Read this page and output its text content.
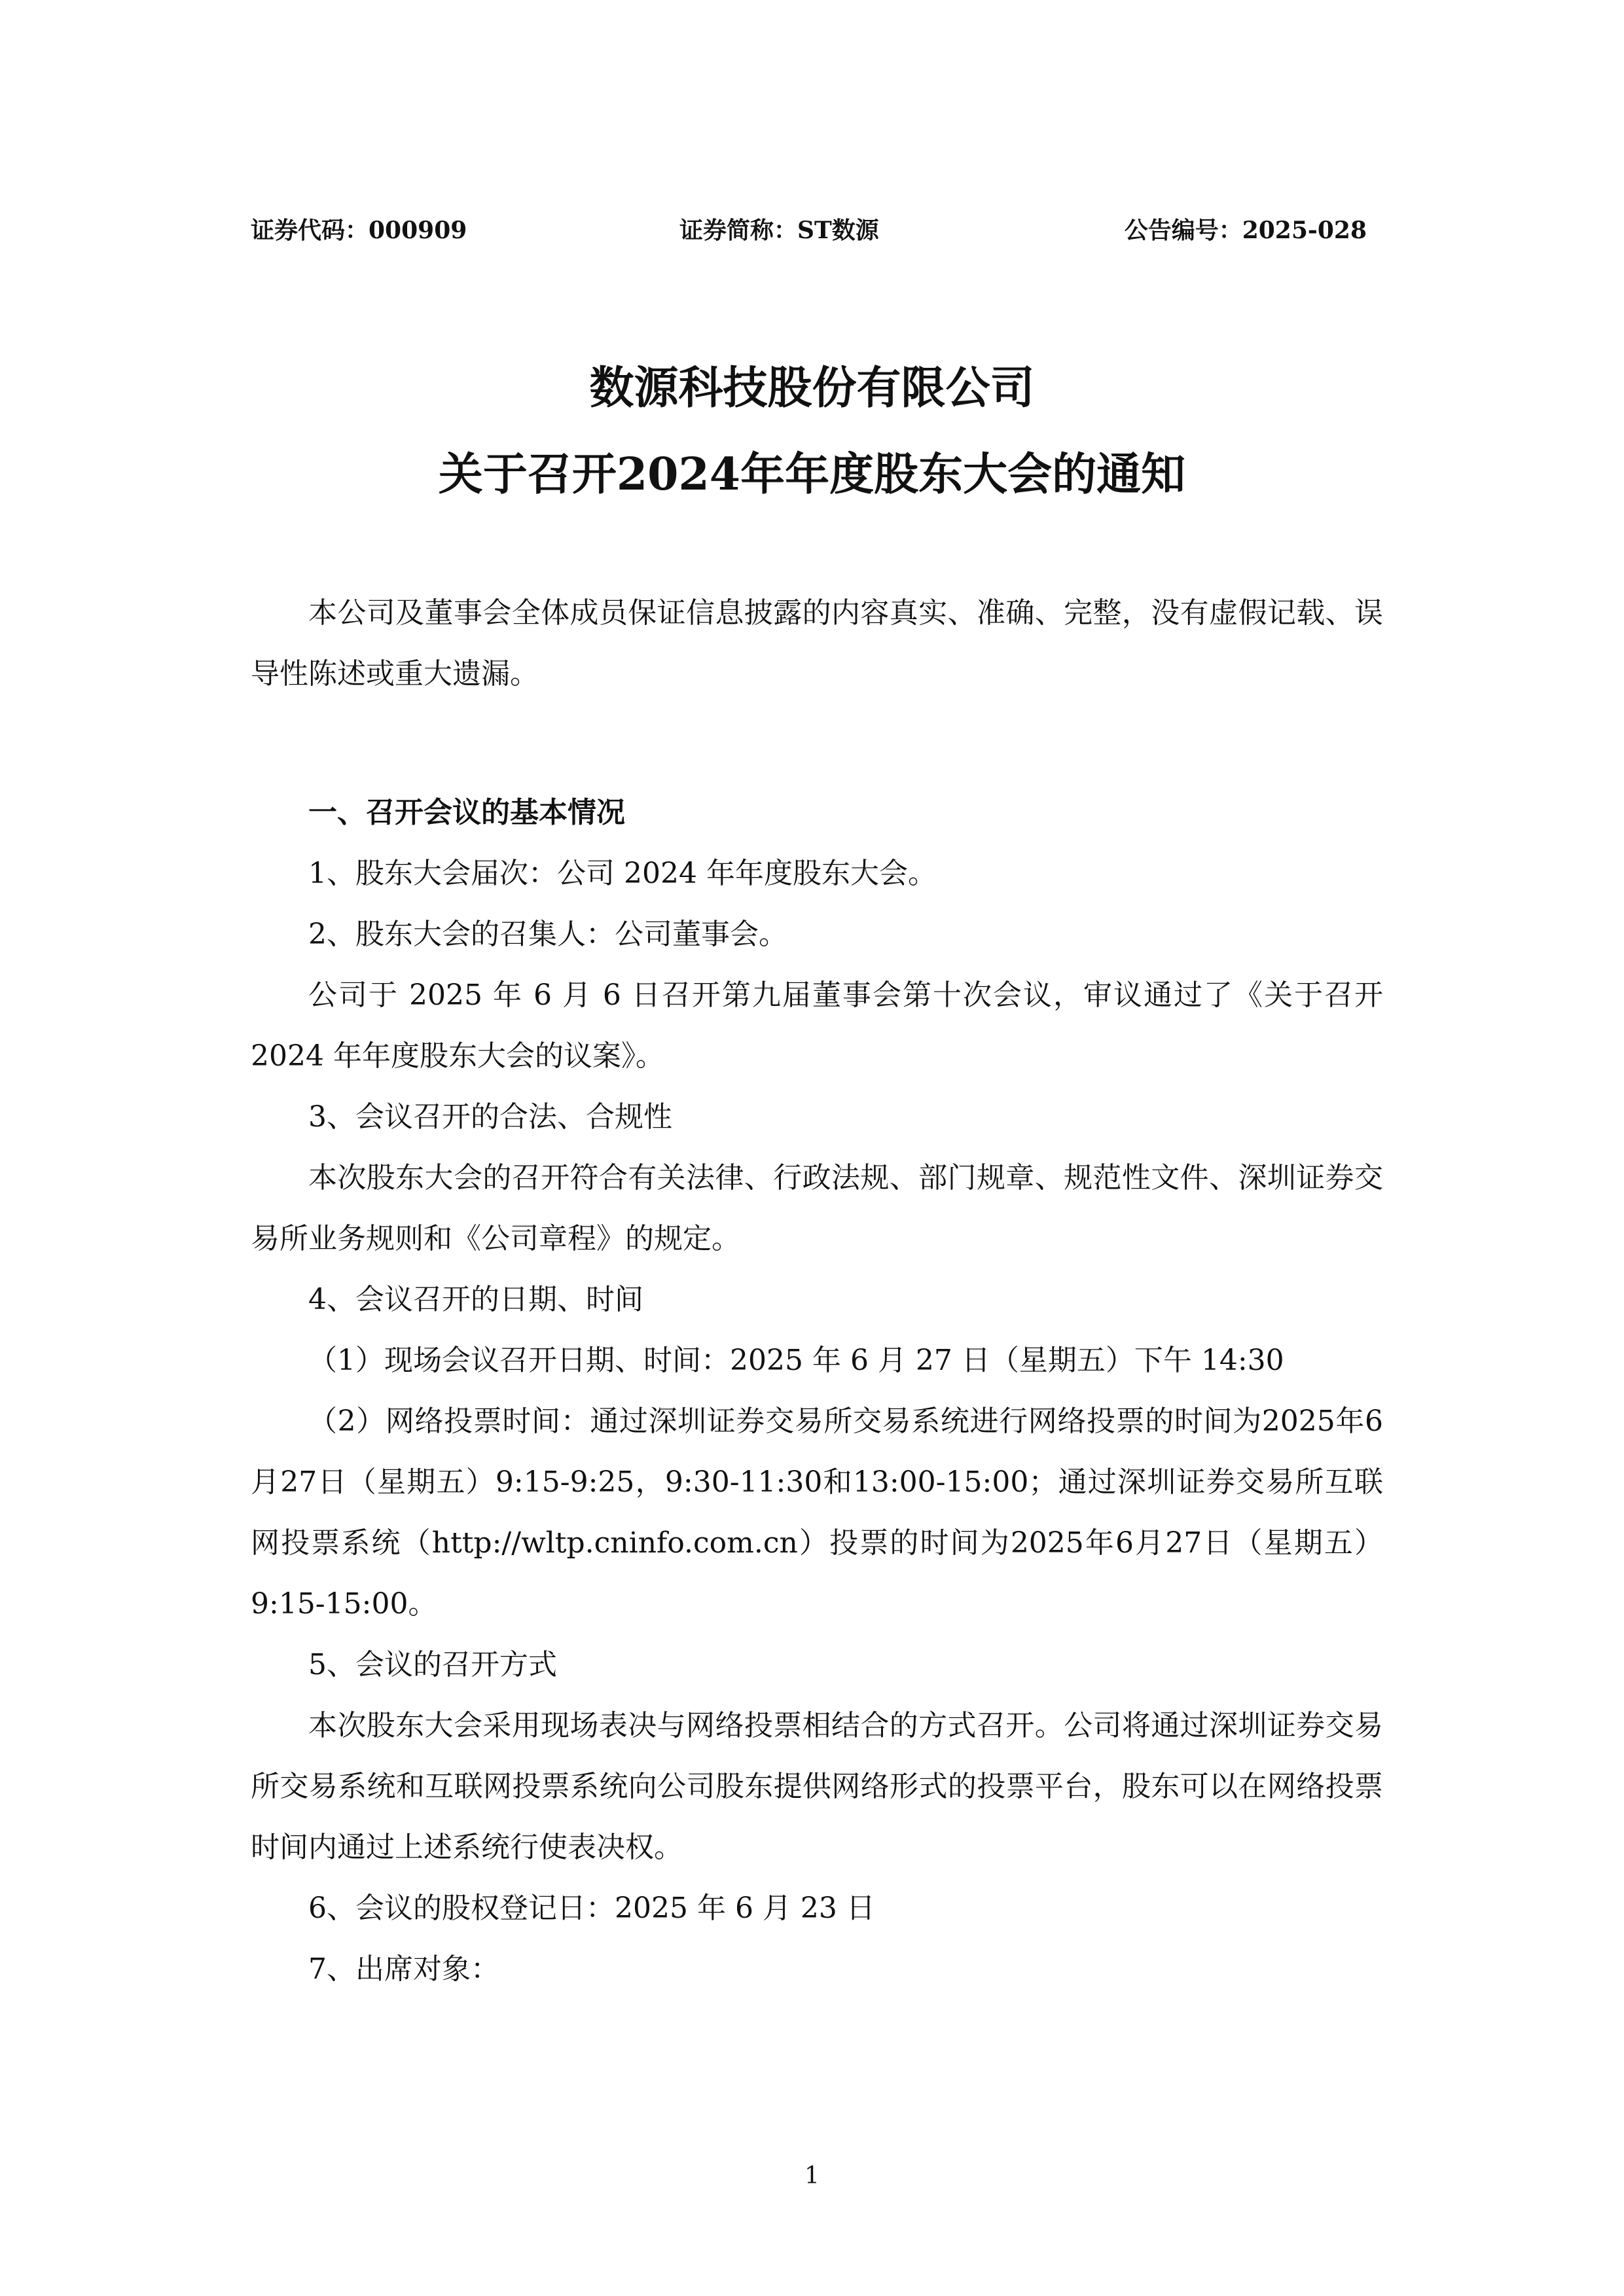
证券代码：000909	证券简称：ST数源	公告编号：2025-028
数源科技股份有限公司
关于召开2024年年度股东大会的通知

本公司及董事会全体成员保证信息披露的内容真实、准确、完整，没有虚假记载、误导性陈述或重大遗漏。

一、召开会议的基本情况

1、股东大会届次：公司 2024 年年度股东大会。

2、股东大会的召集人：公司董事会。

公司于 2025 年 6 月 6 日召开第九届董事会第十次会议，审议通过了《关于召开 2024 年年度股东大会的议案》。

3、会议召开的合法、合规性

本次股东大会的召开符合有关法律、行政法规、部门规章、规范性文件、深圳证券交易所业务规则和《公司章程》的规定。

4、会议召开的日期、时间

（1）现场会议召开日期、时间：2025 年 6 月 27 日（星期五）下午 14:30

（2）网络投票时间：通过深圳证券交易所交易系统进行网络投票的时间为2025年6月27日（星期五）9:15-9:25，9:30-11:30和13:00-15:00；通过深圳证券交易所互联网投票系统（http://wltp.cninfo.com.cn）投票的时间为2025年6月27日（星期五）9:15-15:00。

5、会议的召开方式

本次股东大会采用现场表决与网络投票相结合的方式召开。公司将通过深圳证券交易所交易系统和互联网投票系统向公司股东提供网络形式的投票平台，股东可以在网络投票时间内通过上述系统行使表决权。

6、会议的股权登记日：2025 年 6 月 23 日

7、出席对象：

1
